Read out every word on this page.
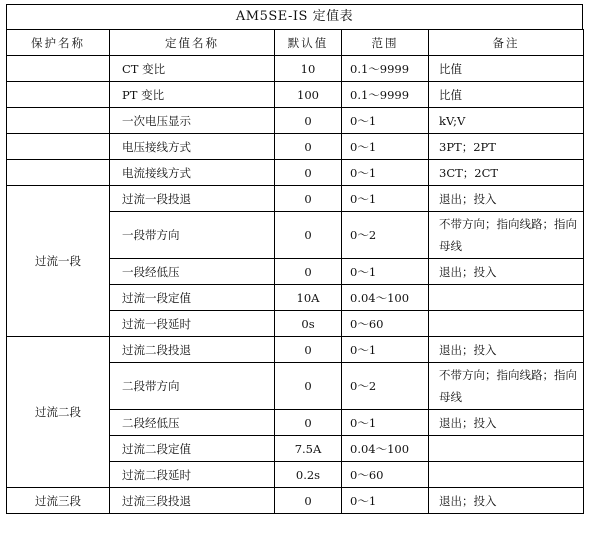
AM5SE-IS 定值表
保护名称	定值名称	默认值	范围	备注
	CT 变比	10	0.1～9999	比值
	PT 变比	100	0.1～9999	比值
	一次电压显示	0	0～1	kV;V
	电压接线方式	0	0～1	3PT；2PT
	电流接线方式	0	0～1	3CT；2CT
过流一段	过流一段投退	0	0～1	退出；投入
	一段带方向	0	0～2	不带方向；指向线路；指向母线
	一段经低压	0	0～1	退出；投入
	过流一段定值	10A	0.04～100	
	过流一段延时	0s	0～60	
过流二段	过流二段投退	0	0～1	退出；投入
	二段带方向	0	0～2	不带方向；指向线路；指向母线
	二段经低压	0	0～1	退出；投入
	过流二段定值	7.5A	0.04～100	
	过流二段延时	0.2s	0～60	
过流三段	过流三段投退	0	0～1	退出；投入
